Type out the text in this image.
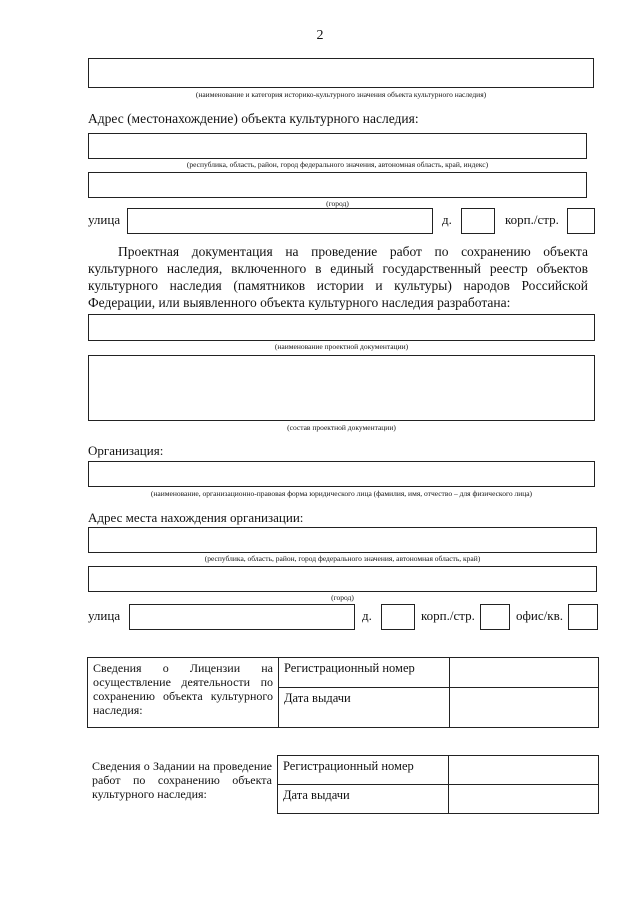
2
(наименование и категория историко-культурного значения объекта культурного наследия)
Адрес (местонахождение) объекта культурного наследия:
(республика, область, район, город федерального значения, автономная область, край, индекс)
(город)
улица	д.	корп./стр.

Проектная документация на проведение работ по сохранению объекта культурного наследия, включенного в единый государственный реестр объектов культурного наследия (памятников истории и культуры) народов Российской Федерации, или выявленного объекта культурного наследия разработана:

(наименование проектной документации)
(состав проектной документации)
Организация:
(наименование, организационно-правовая форма юридического лица (фамилия, имя, отчество – для физического лица)
Адрес места нахождения организации:
(республика, область, район, город федерального значения, автономная область, край)
(город)
улица	д.	корп./стр.	офис/кв.
Сведения о Лицензии на осуществление деятельности по сохранению объекта культурного наследия:	Регистрационный номер	
	Дата выдачи	
Сведения о Задании на проведение работ по сохранению объекта культурного наследия:	Регистрационный номер	
	Дата выдачи	
